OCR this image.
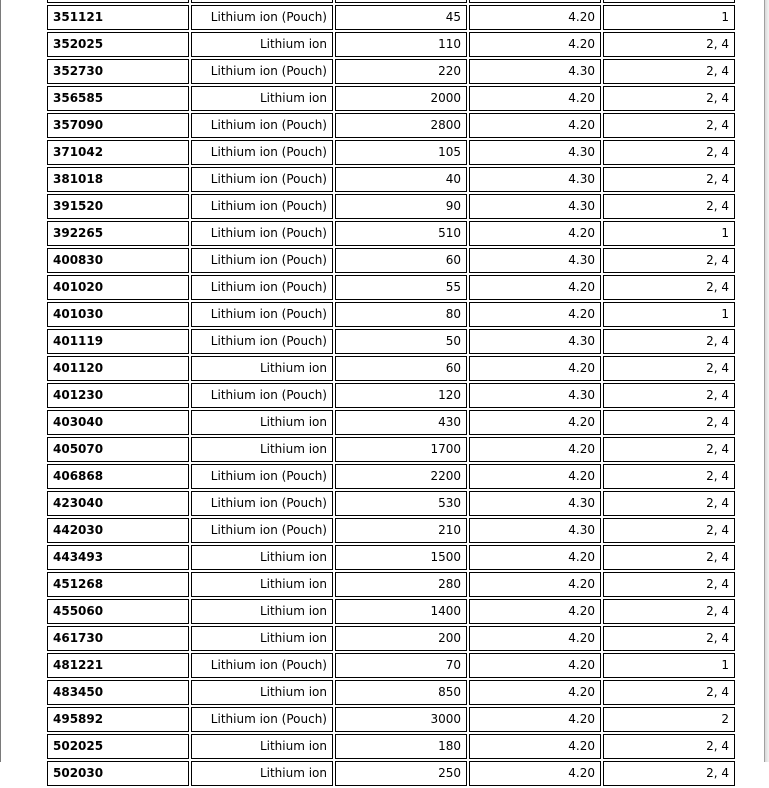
351121	Lithium ion (Pouch)	45	4.20	1
352025	Lithium ion	110	4.20	2, 4
352730	Lithium ion (Pouch)	220	4.30	2, 4
356585	Lithium ion	2000	4.20	2, 4
357090	Lithium ion (Pouch)	2800	4.20	2, 4
371042	Lithium ion (Pouch)	105	4.30	2, 4
381018	Lithium ion (Pouch)	40	4.30	2, 4
391520	Lithium ion (Pouch)	90	4.30	2, 4
392265	Lithium ion (Pouch)	510	4.20	1
400830	Lithium ion (Pouch)	60	4.30	2, 4
401020	Lithium ion (Pouch)	55	4.20	2, 4
401030	Lithium ion (Pouch)	80	4.20	1
401119	Lithium ion (Pouch)	50	4.30	2, 4
401120	Lithium ion	60	4.20	2, 4
401230	Lithium ion (Pouch)	120	4.30	2, 4
403040	Lithium ion	430	4.20	2, 4
405070	Lithium ion	1700	4.20	2, 4
406868	Lithium ion (Pouch)	2200	4.20	2, 4
423040	Lithium ion (Pouch)	530	4.30	2, 4
442030	Lithium ion (Pouch)	210	4.30	2, 4
443493	Lithium ion	1500	4.20	2, 4
451268	Lithium ion	280	4.20	2, 4
455060	Lithium ion	1400	4.20	2, 4
461730	Lithium ion	200	4.20	2, 4
481221	Lithium ion (Pouch)	70	4.20	1
483450	Lithium ion	850	4.20	2, 4
495892	Lithium ion (Pouch)	3000	4.20	2
502025	Lithium ion	180	4.20	2, 4
502030	Lithium ion	250	4.20	2, 4
